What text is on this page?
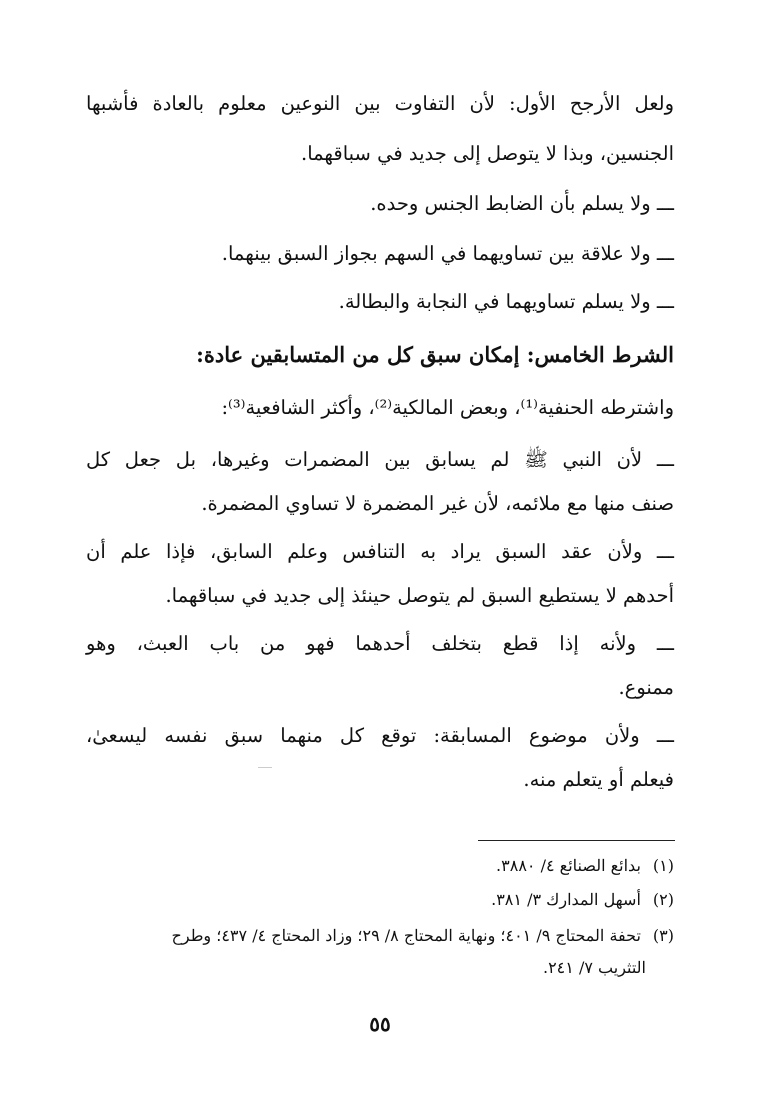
ولعل الأرجح الأول: لأن التفاوت بين النوعين معلوم بالعادة فأشبها

الجنسين، وبذا لا يتوصل إلى جديد في سباقهما.

ـــ ولا يسلم بأن الضابط الجنس وحده.

ـــ ولا علاقة بين تساويهما في السهم بجواز السبق بينهما.

ـــ ولا يسلم تساويهما في النجابة والبطالة.

الشرط الخامس: إمكان سبق كل من المتسابقين عادة:

واشترطه الحنفية⁽¹⁾، وبعض المالكية⁽²⁾، وأكثر الشافعية⁽³⁾:

ـــ لأن النبي ﷺ لم يسابق بين المضمرات وغيرها، بل جعل كل

صنف منها مع ملائمه، لأن غير المضمرة لا تساوي المضمرة.

ـــ ولأن عقد السبق يراد به التنافس وعلم السابق، فإذا علم أن

أحدهم لا يستطيع السبق لم يتوصل حينئذ إلى جديد في سباقهما.

ـــ ولأنه إذا قطع بتخلف أحدهما فهو من باب العبث، وهو

ممنوع.

ـــ ولأن موضوع المسابقة: توقع كل منهما سبق نفسه ليسعىٰ،

فيعلم أو يتعلم منه.

(١) بدائع الصنائع ٤/ ٣٨٨٠.

(٢) أسهل المدارك ٣/ ٣٨١.

(٣) تحفة المحتاج ٩/ ٤٠١؛ ونهاية المحتاج ٨/ ٢٩؛ وزاد المحتاج ٤/ ٤٣٧؛ وطرح

التثريب ٧/ ٢٤١.

٥٥
